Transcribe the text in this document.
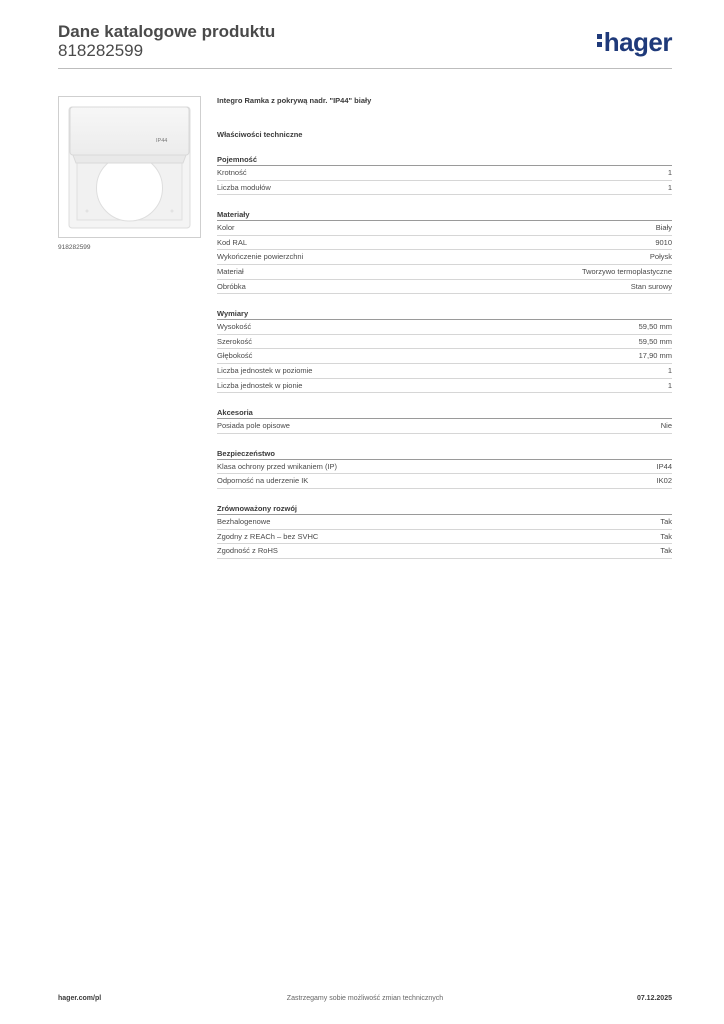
Dane katalogowe produktu
818282599	hager
IP44
918282599
Integro Ramka z pokrywą nadr. "IP44" biały
Właściwości techniczne
Pojemność
Krotność	1
Liczba modułów	1
Materiały
Kolor	Biały
Kod RAL	9010
Wykończenie powierzchni	Połysk
Materiał	Tworzywo termoplastyczne
Obróbka	Stan surowy
Wymiary
Wysokość	59,50 mm
Szerokość	59,50 mm
Głębokość	17,90 mm
Liczba jednostek w poziomie	1
Liczba jednostek w pionie	1
Akcesoria
Posiada pole opisowe	Nie
Bezpieczeństwo
Klasa ochrony przed wnikaniem (IP)	IP44
Odporność na uderzenie IK	IK02
Zrównoważony rozwój
Bezhalogenowe	Tak
Zgodny z REACh – bez SVHC	Tak
Zgodność z RoHS	Tak
hager.com/pl	Zastrzegamy sobie możliwość zmian technicznych	07.12.2025
